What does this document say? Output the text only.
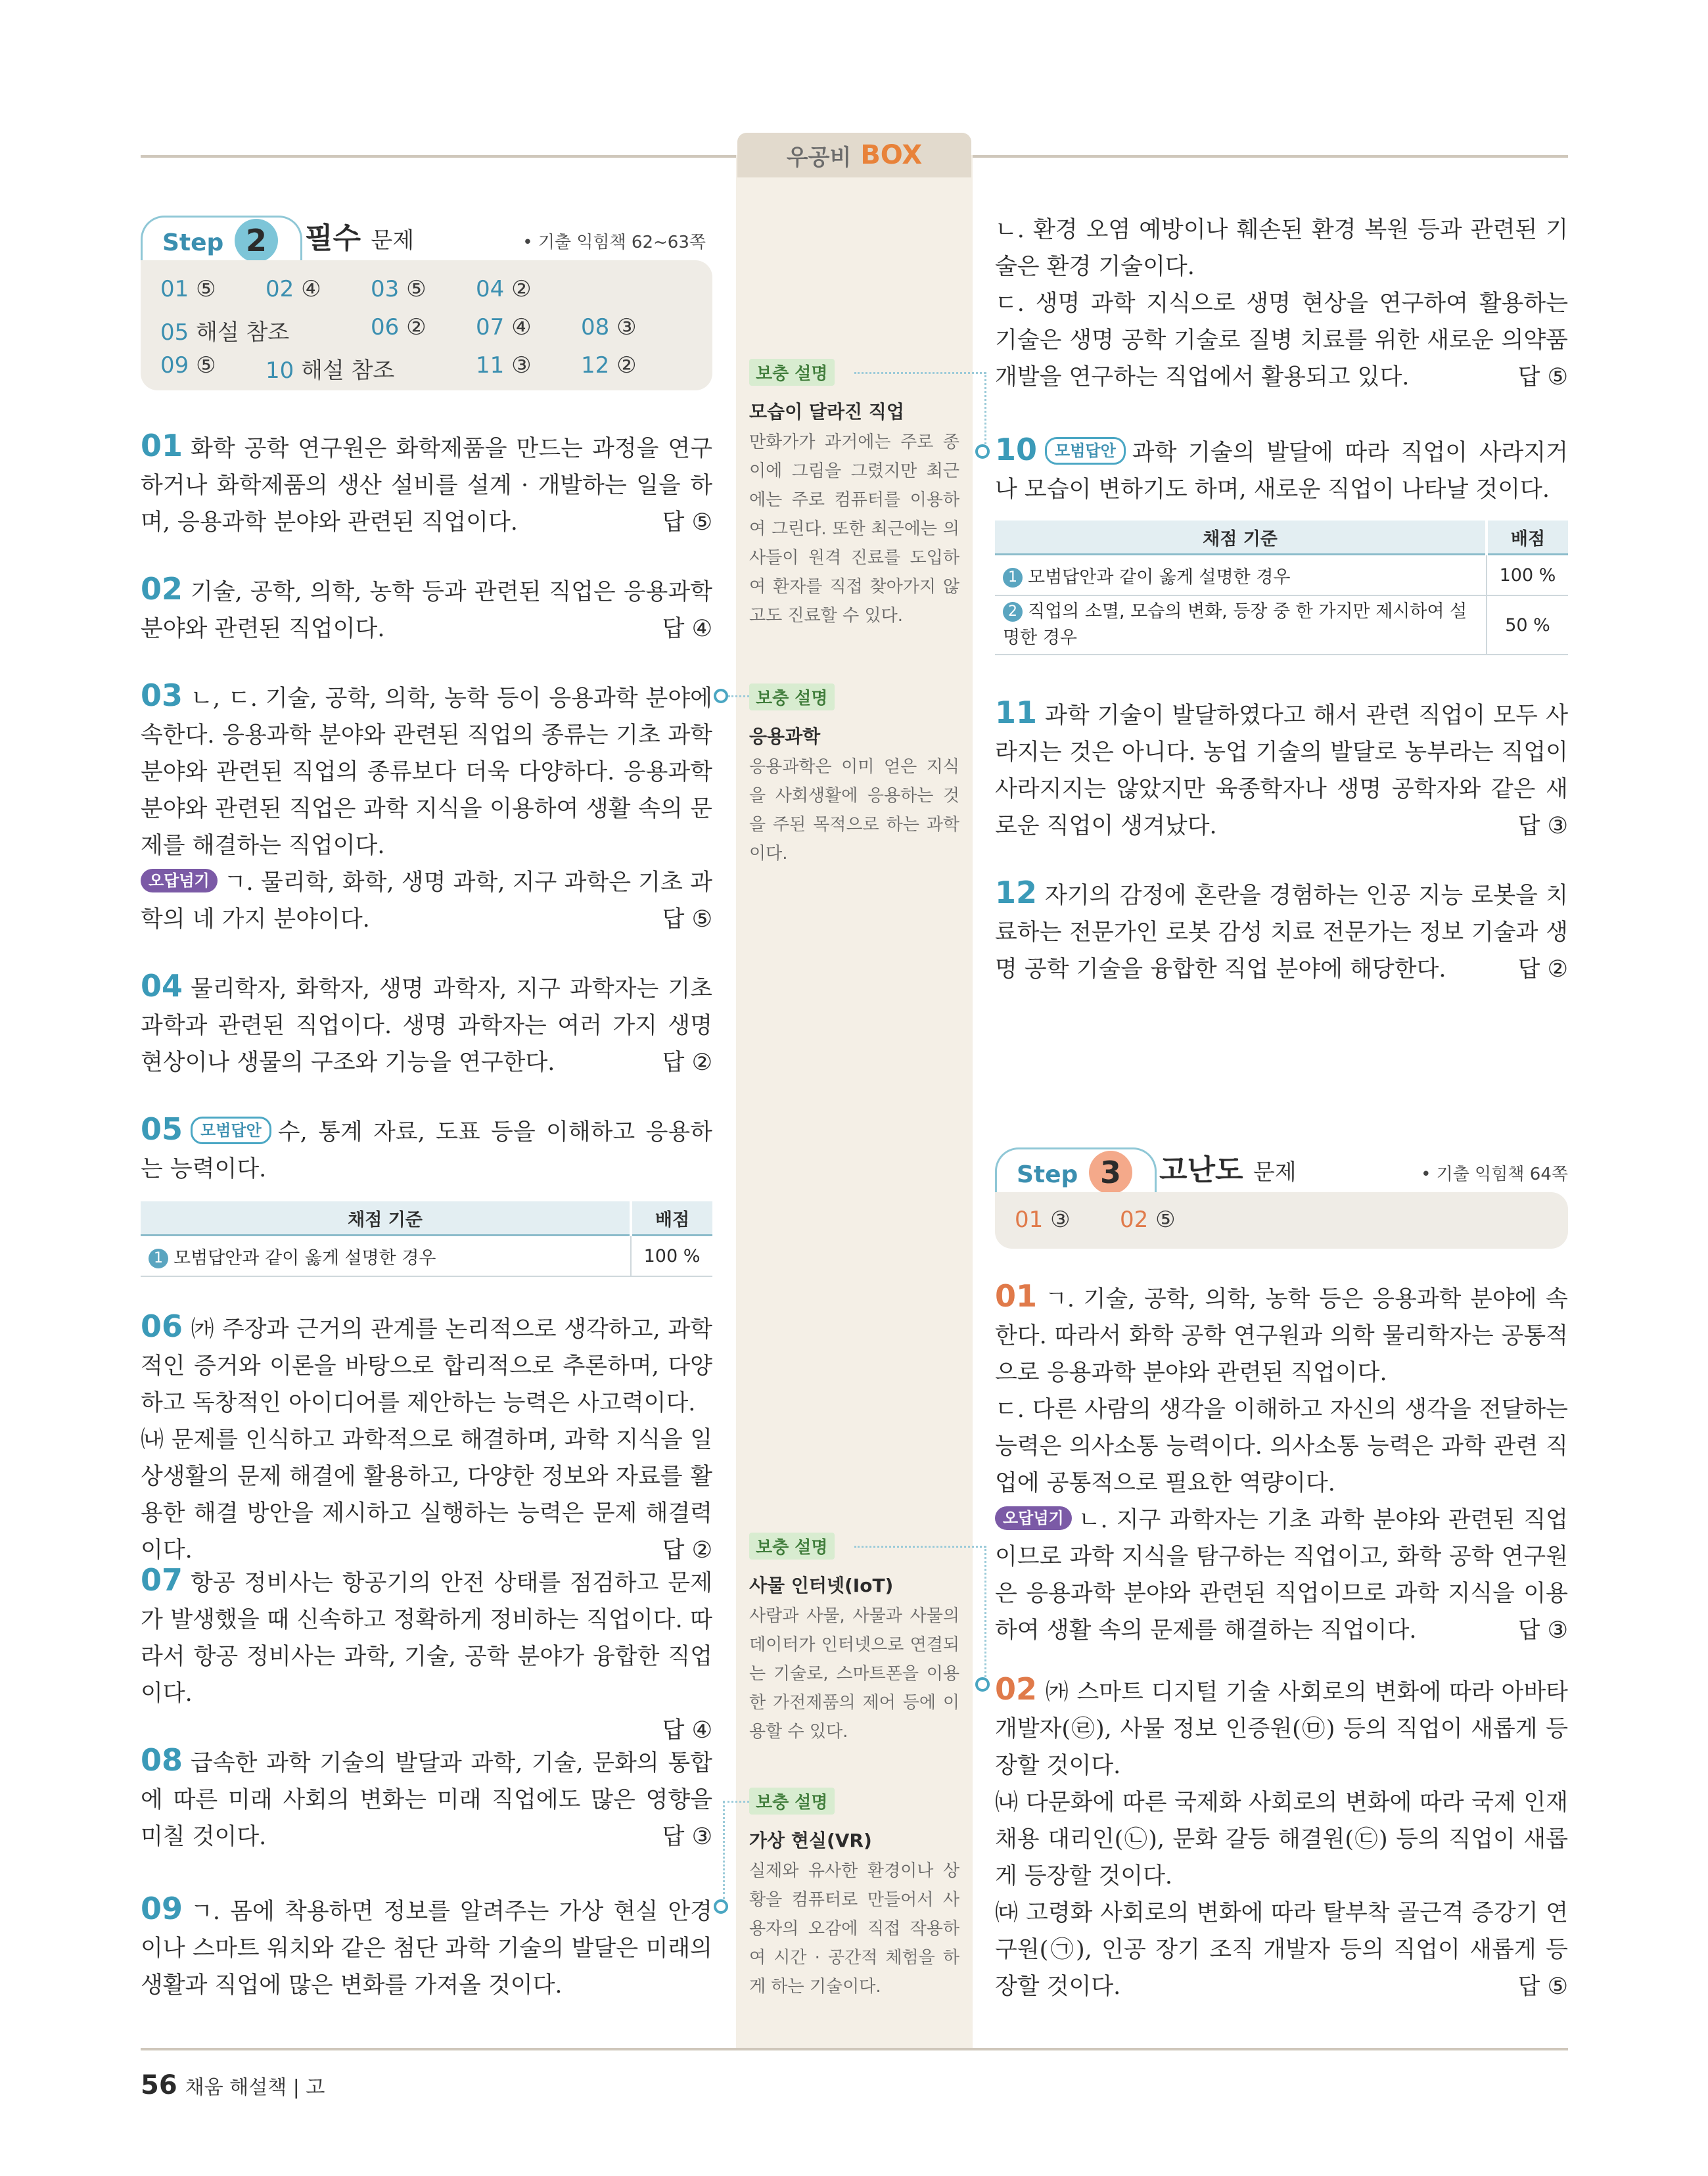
우공비 BOX
Step 2	필수 문제	• 기출 익힘책 62~63쪽
01 ⑤ 02 ④ 03 ⑤ 04 ②
05 해설 참조	06 ② 07 ④ 08 ③
09 ⑤ 10 해설 참조	11 ③ 12 ②
01 화학 공학 연구원은 화학제품을 만드는 과정을 연구하거나 화학제품의 생산 설비를 설계 · 개발하는 일을 하며, 응용과학 분야와 관련된 직업이다.	답 ⑤
02 기술, 공학, 의학, 농학 등과 관련된 직업은 응용과학 분야와 관련된 직업이다.	답 ④
03 ㄴ, ㄷ. 기술, 공학, 의학, 농학 등이 응용과학 분야에 속한다. 응용과학 분야와 관련된 직업의 종류는 기초 과학 분야와 관련된 직업의 종류보다 더욱 다양하다. 응용과학 분야와 관련된 직업은 과학 지식을 이용하여 생활 속의 문제를 해결하는 직업이다.
오답넘기 ㄱ. 물리학, 화학, 생명 과학, 지구 과학은 기초 과학의 네 가지 분야이다.	답 ⑤
04 물리학자, 화학자, 생명 과학자, 지구 과학자는 기초 과학과 관련된 직업이다. 생명 과학자는 여러 가지 생명 현상이나 생물의 구조와 기능을 연구한다.	답 ②
05 모범답안 수, 통계 자료, 도표 등을 이해하고 응용하는 능력이다.
채점 기준	배점
1 모범답안과 같이 옳게 설명한 경우	100 %
06 ㈎ 주장과 근거의 관계를 논리적으로 생각하고, 과학적인 증거와 이론을 바탕으로 합리적으로 추론하며, 다양하고 독창적인 아이디어를 제안하는 능력은 사고력이다.
㈏ 문제를 인식하고 과학적으로 해결하며, 과학 지식을 일상생활의 문제 해결에 활용하고, 다양한 정보와 자료를 활용한 해결 방안을 제시하고 실행하는 능력은 문제 해결력이다.	답 ②
07 항공 정비사는 항공기의 안전 상태를 점검하고 문제가 발생했을 때 신속하고 정확하게 정비하는 직업이다. 따라서 항공 정비사는 과학, 기술, 공학 분야가 융합한 직업이다.

답 ④
08 급속한 과학 기술의 발달과 과학, 기술, 문화의 통합에 따른 미래 사회의 변화는 미래 직업에도 많은 영향을 미칠 것이다.	답 ③
09 ㄱ. 몸에 착용하면 정보를 알려주는 가상 현실 안경이나 스마트 워치와 같은 첨단 과학 기술의 발달은 미래의 생활과 직업에 많은 변화를 가져올 것이다.
보충 설명
모습이 달라진 직업
만화가가 과거에는 주로 종이에 그림을 그렸지만 최근에는 주로 컴퓨터를 이용하여 그린다. 또한 최근에는 의사들이 원격 진료를 도입하여 환자를 직접 찾아가지 않고도 진료할 수 있다.
보충 설명
응용과학
응용과학은 이미 얻은 지식을 사회생활에 응용하는 것을 주된 목적으로 하는 과학이다.
보충 설명
사물 인터넷(IoT)
사람과 사물, 사물과 사물의 데이터가 인터넷으로 연결되는 기술로, 스마트폰을 이용한 가전제품의 제어 등에 이용할 수 있다.
보충 설명
가상 현실(VR)
실제와 유사한 환경이나 상황을 컴퓨터로 만들어서 사용자의 오감에 직접 작용하여 시간 · 공간적 체험을 하게 하는 기술이다.
ㄴ. 환경 오염 예방이나 훼손된 환경 복원 등과 관련된 기술은 환경 기술이다.
ㄷ. 생명 과학 지식으로 생명 현상을 연구하여 활용하는 기술은 생명 공학 기술로 질병 치료를 위한 새로운 의약품 개발을 연구하는 직업에서 활용되고 있다.	답 ⑤
10 모범답안 과학 기술의 발달에 따라 직업이 사라지거나 모습이 변하기도 하며, 새로운 직업이 나타날 것이다.
채점 기준	배점
1 모범답안과 같이 옳게 설명한 경우	100 %
2 직업의 소멸, 모습의 변화, 등장 중 한 가지만 제시하여 설명한 경우	50 %
11 과학 기술이 발달하였다고 해서 관련 직업이 모두 사라지는 것은 아니다. 농업 기술의 발달로 농부라는 직업이 사라지지는 않았지만 육종학자나 생명 공학자와 같은 새로운 직업이 생겨났다.	답 ③
12 자기의 감정에 혼란을 경험하는 인공 지능 로봇을 치료하는 전문가인 로봇 감성 치료 전문가는 정보 기술과 생명 공학 기술을 융합한 직업 분야에 해당한다.	답 ②
Step 3	고난도 문제	• 기출 익힘책 64쪽
01 ③ 02 ⑤
01 ㄱ. 기술, 공학, 의학, 농학 등은 응용과학 분야에 속한다. 따라서 화학 공학 연구원과 의학 물리학자는 공통적으로 응용과학 분야와 관련된 직업이다.
ㄷ. 다른 사람의 생각을 이해하고 자신의 생각을 전달하는 능력은 의사소통 능력이다. 의사소통 능력은 과학 관련 직업에 공통적으로 필요한 역량이다.
오답넘기 ㄴ. 지구 과학자는 기초 과학 분야와 관련된 직업이므로 과학 지식을 탐구하는 직업이고, 화학 공학 연구원은 응용과학 분야와 관련된 직업이므로 과학 지식을 이용하여 생활 속의 문제를 해결하는 직업이다.	답 ③
02 ㈎ 스마트 디지털 기술 사회로의 변화에 따라 아바타 개발자(㉣), 사물 정보 인증원(㉤) 등의 직업이 새롭게 등장할 것이다.
㈏ 다문화에 따른 국제화 사회로의 변화에 따라 국제 인재 채용 대리인(㉡), 문화 갈등 해결원(㉢) 등의 직업이 새롭게 등장할 것이다.
㈐ 고령화 사회로의 변화에 따라 탈부착 골근격 증강기 연구원(㉠), 인공 장기 조직 개발자 등의 직업이 새롭게 등장할 것이다.	답 ⑤
56 채움 해설책 | 고
